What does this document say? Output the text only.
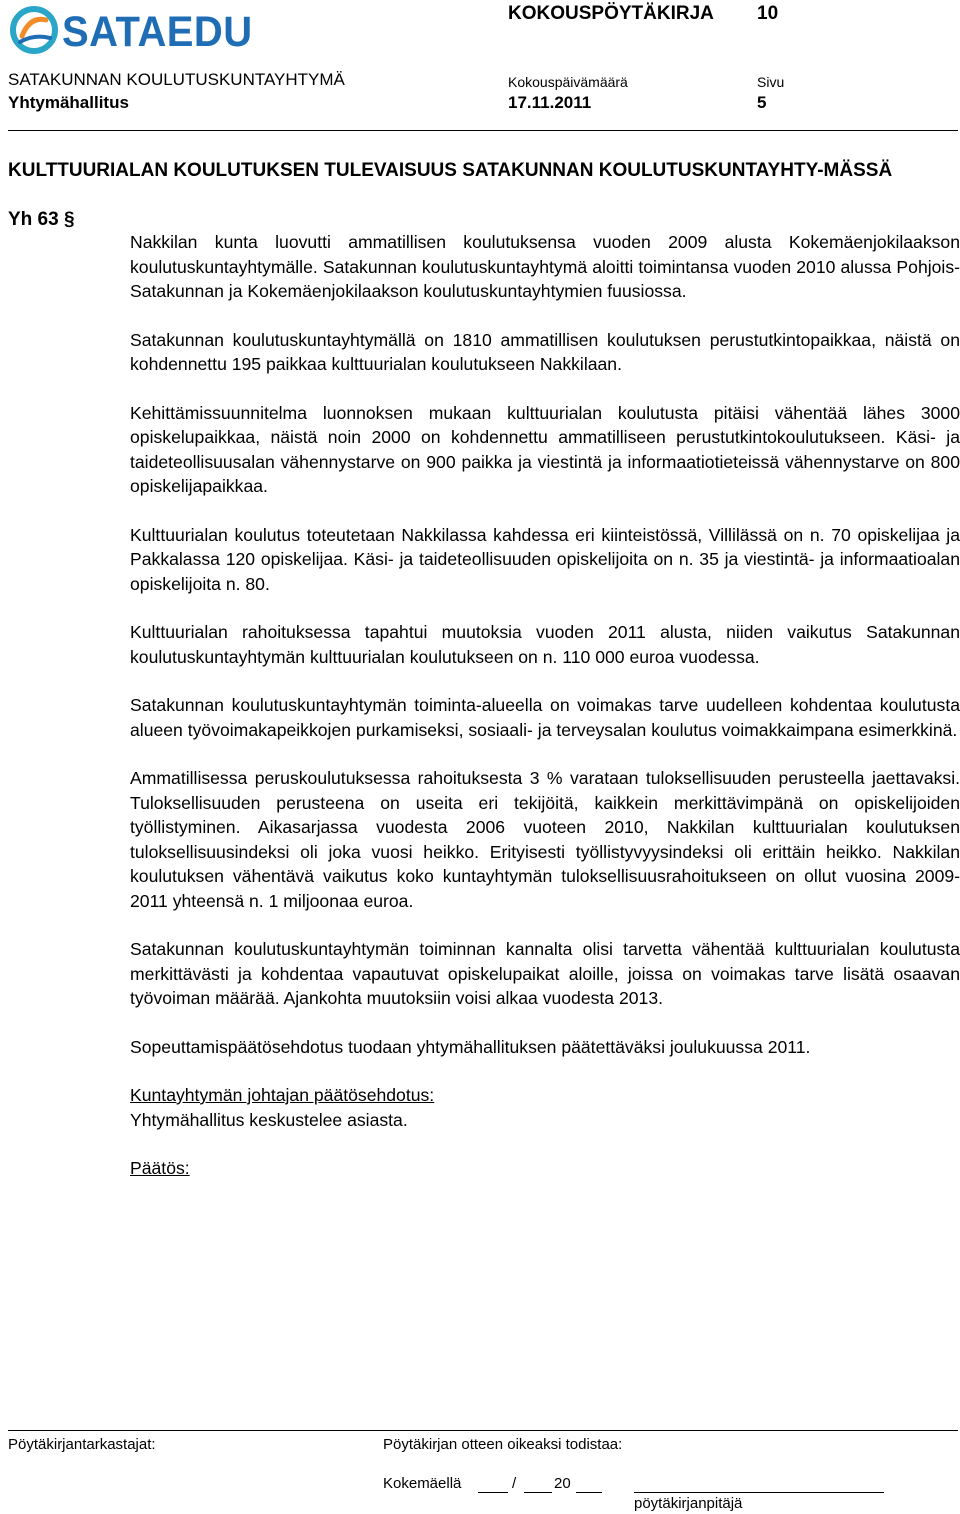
SATAEDU	KOKOUSPÖYTÄKIRJA 10
SATAKUNNAN KOULUTUSKUNTAYHTYMÄ	Kokouspäivämäärä	Sivu
Yhtymähallitus	17.11.2011	5
KULTTUURIALAN KOULUTUKSEN TULEVAISUUS SATAKUNNAN KOULUTUSKUNTAYHTY-MÄSSÄ
Yh 63 §

Nakkilan kunta luovutti ammatillisen koulutuksensa vuoden 2009 alusta Kokemäenjokilaakson koulutuskuntayhtymälle. Satakunnan koulutuskuntayhtymä aloitti toimintansa vuoden 2010 alussa Pohjois-Satakunnan ja Kokemäenjokilaakson koulutuskuntayhtymien fuusiossa.

Satakunnan koulutuskuntayhtymällä on 1810 ammatillisen koulutuksen perustutkintopaikkaa, näistä on kohdennettu 195 paikkaa kulttuurialan koulutukseen Nakkilaan.

Kehittämissuunnitelma luonnoksen mukaan kulttuurialan koulutusta pitäisi vähentää lähes 3000 opiskelupaikkaa, näistä noin 2000 on kohdennettu ammatilliseen perustutkintokoulutukseen. Käsi- ja taideteollisuusalan vähennystarve on 900 paikka ja viestintä ja informaatiotieteissä vähennystarve on 800 opiskelijapaikkaa.

Kulttuurialan koulutus toteutetaan Nakkilassa kahdessa eri kiinteistössä, Villilässä on n. 70 opiskelijaa ja Pakkalassa 120 opiskelijaa. Käsi- ja taideteollisuuden opiskelijoita on n. 35 ja viestintä- ja informaatioalan opiskelijoita n. 80.

Kulttuurialan rahoituksessa tapahtui muutoksia vuoden 2011 alusta, niiden vaikutus Satakunnan koulutuskuntayhtymän kulttuurialan koulutukseen on n. 110 000 euroa vuodessa.

Satakunnan koulutuskuntayhtymän toiminta-alueella on voimakas tarve uudelleen kohdentaa koulutusta alueen työvoimakapeikkojen purkamiseksi, sosiaali- ja terveysalan koulutus voimakkaimpana esimerkkinä.

Ammatillisessa peruskoulutuksessa rahoituksesta 3 % varataan tuloksellisuuden perusteella jaettavaksi. Tuloksellisuuden perusteena on useita eri tekijöitä, kaikkein merkittävimpänä on opiskelijoiden työllistyminen. Aikasarjassa vuodesta 2006 vuoteen 2010, Nakkilan kulttuurialan koulutuksen tuloksellisuusindeksi oli joka vuosi heikko. Erityisesti työllistyvyysindeksi oli erittäin heikko. Nakkilan koulutuksen vähentävä vaikutus koko kuntayhtymän tuloksellisuusrahoitukseen on ollut vuosina 2009-2011 yhteensä n. 1 miljoonaa euroa.

Satakunnan koulutuskuntayhtymän toiminnan kannalta olisi tarvetta vähentää kulttuurialan koulutusta merkittävästi ja kohdentaa vapautuvat opiskelupaikat aloille, joissa on voimakas tarve lisätä osaavan työvoiman määrää. Ajankohta muutoksiin voisi alkaa vuodesta 2013.

Sopeuttamispäätösehdotus tuodaan yhtymähallituksen päätettäväksi joulukuussa 2011.

Kuntayhtymän johtajan päätösehdotus:

Yhtymähallitus keskustelee asiasta.

Päätös:
Pöytäkirjantarkastajat:	Pöytäkirjan otteen oikeaksi todistaa:
Kokemäellä	/	20
pöytäkirjanpitäjä
